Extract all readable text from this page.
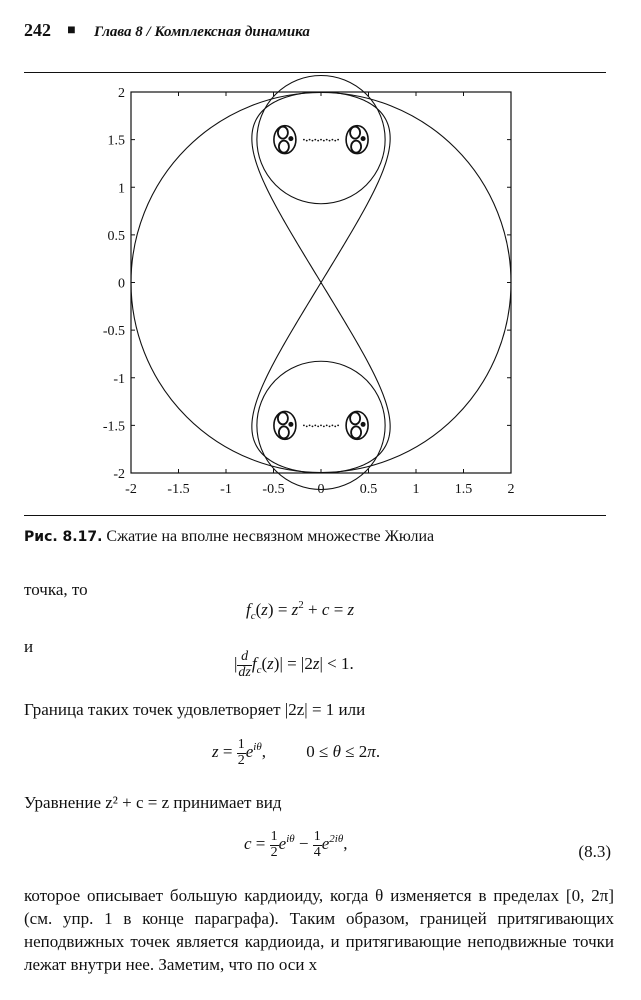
242 ■ Глава 8 / Комплексная динамика
-2 -1.5 -1 -0.5 0	0.5	1	1.5	2
2
1.5
1
0.5
0
-0.5
-1
-1.5
-2
Рис. 8.17. Сжатие на вполне несвязном множестве Жюлиа
точка, то
$f_c(z) = z^2 + c = z$
и
| $\frac{d}{dz} f_c(z)| = |2z| < 1$.
Граница таких точек удовлетворяет |2z| = 1 или
$z = \frac{1}{2} e^{i\theta}$, 0 ≤ θ ≤ 2π.
Уравнение z² + c = z принимает вид
$c = \frac{1}{2} e^{i\theta} - \frac{1}{4} e^{2i\theta}$,	(8.3)
которое описывает большую кардиоиду, когда θ изменяется в пределах [0, 2π] (см. упр. 1 в конце параграфа). Таким образом, границей притягивающих неподвижных точек является кардиоида, и притягивающие неподвижные точки лежат внутри нее. Заметим, что по оси x
